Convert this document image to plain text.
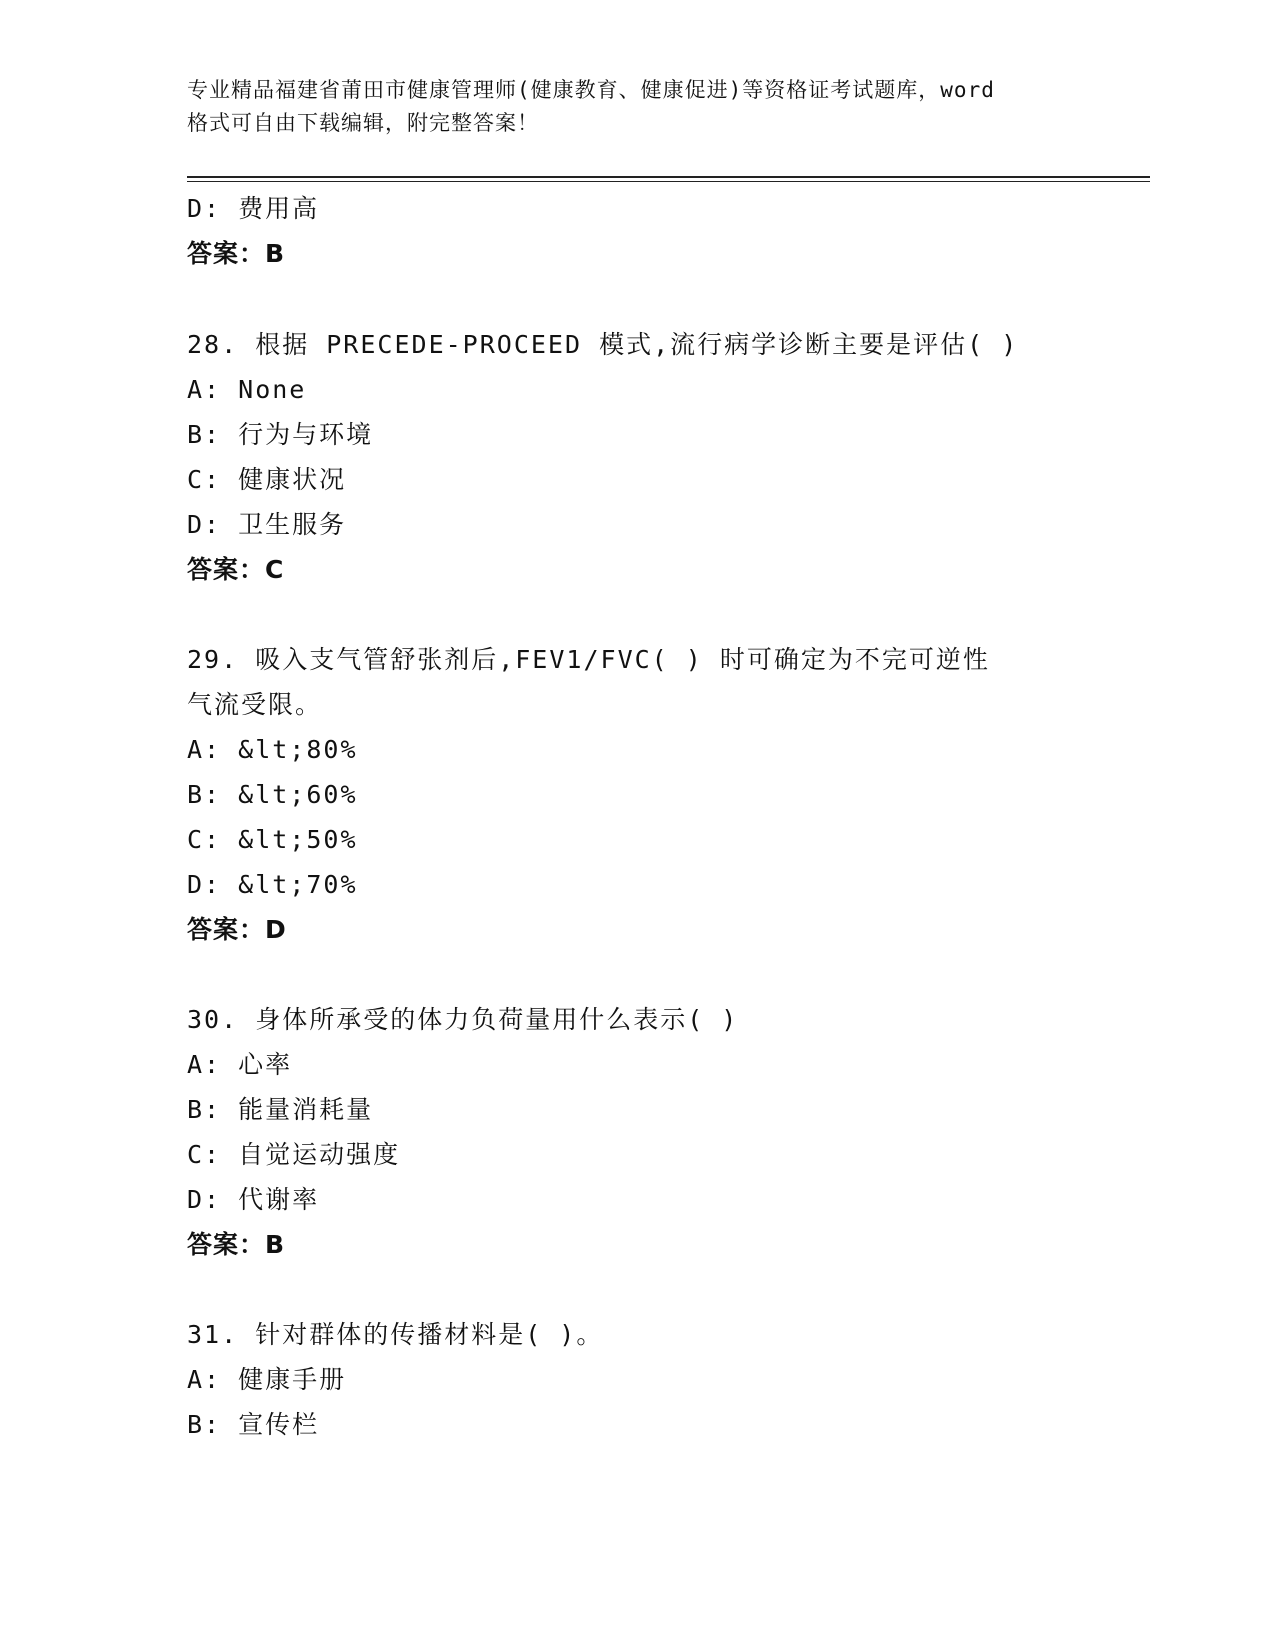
专业精品福建省莆田市健康管理师(健康教育、健康促进)等资格证考试题库，word
格式可自由下载编辑，附完整答案！
D: 费用高
答案：B
28. 根据 PRECEDE-PROCEED 模式,流行病学诊断主要是评估( )
A: None
B: 行为与环境
C: 健康状况
D: 卫生服务
答案：C
29. 吸入支气管舒张剂后,FEV1/FVC( ) 时可确定为不完可逆性
气流受限。
A: &lt;80%
B: &lt;60%
C: &lt;50%
D: &lt;70%
答案：D
30. 身体所承受的体力负荷量用什么表示( )
A: 心率
B: 能量消耗量
C: 自觉运动强度
D: 代谢率
答案：B
31. 针对群体的传播材料是( )。
A: 健康手册
B: 宣传栏
